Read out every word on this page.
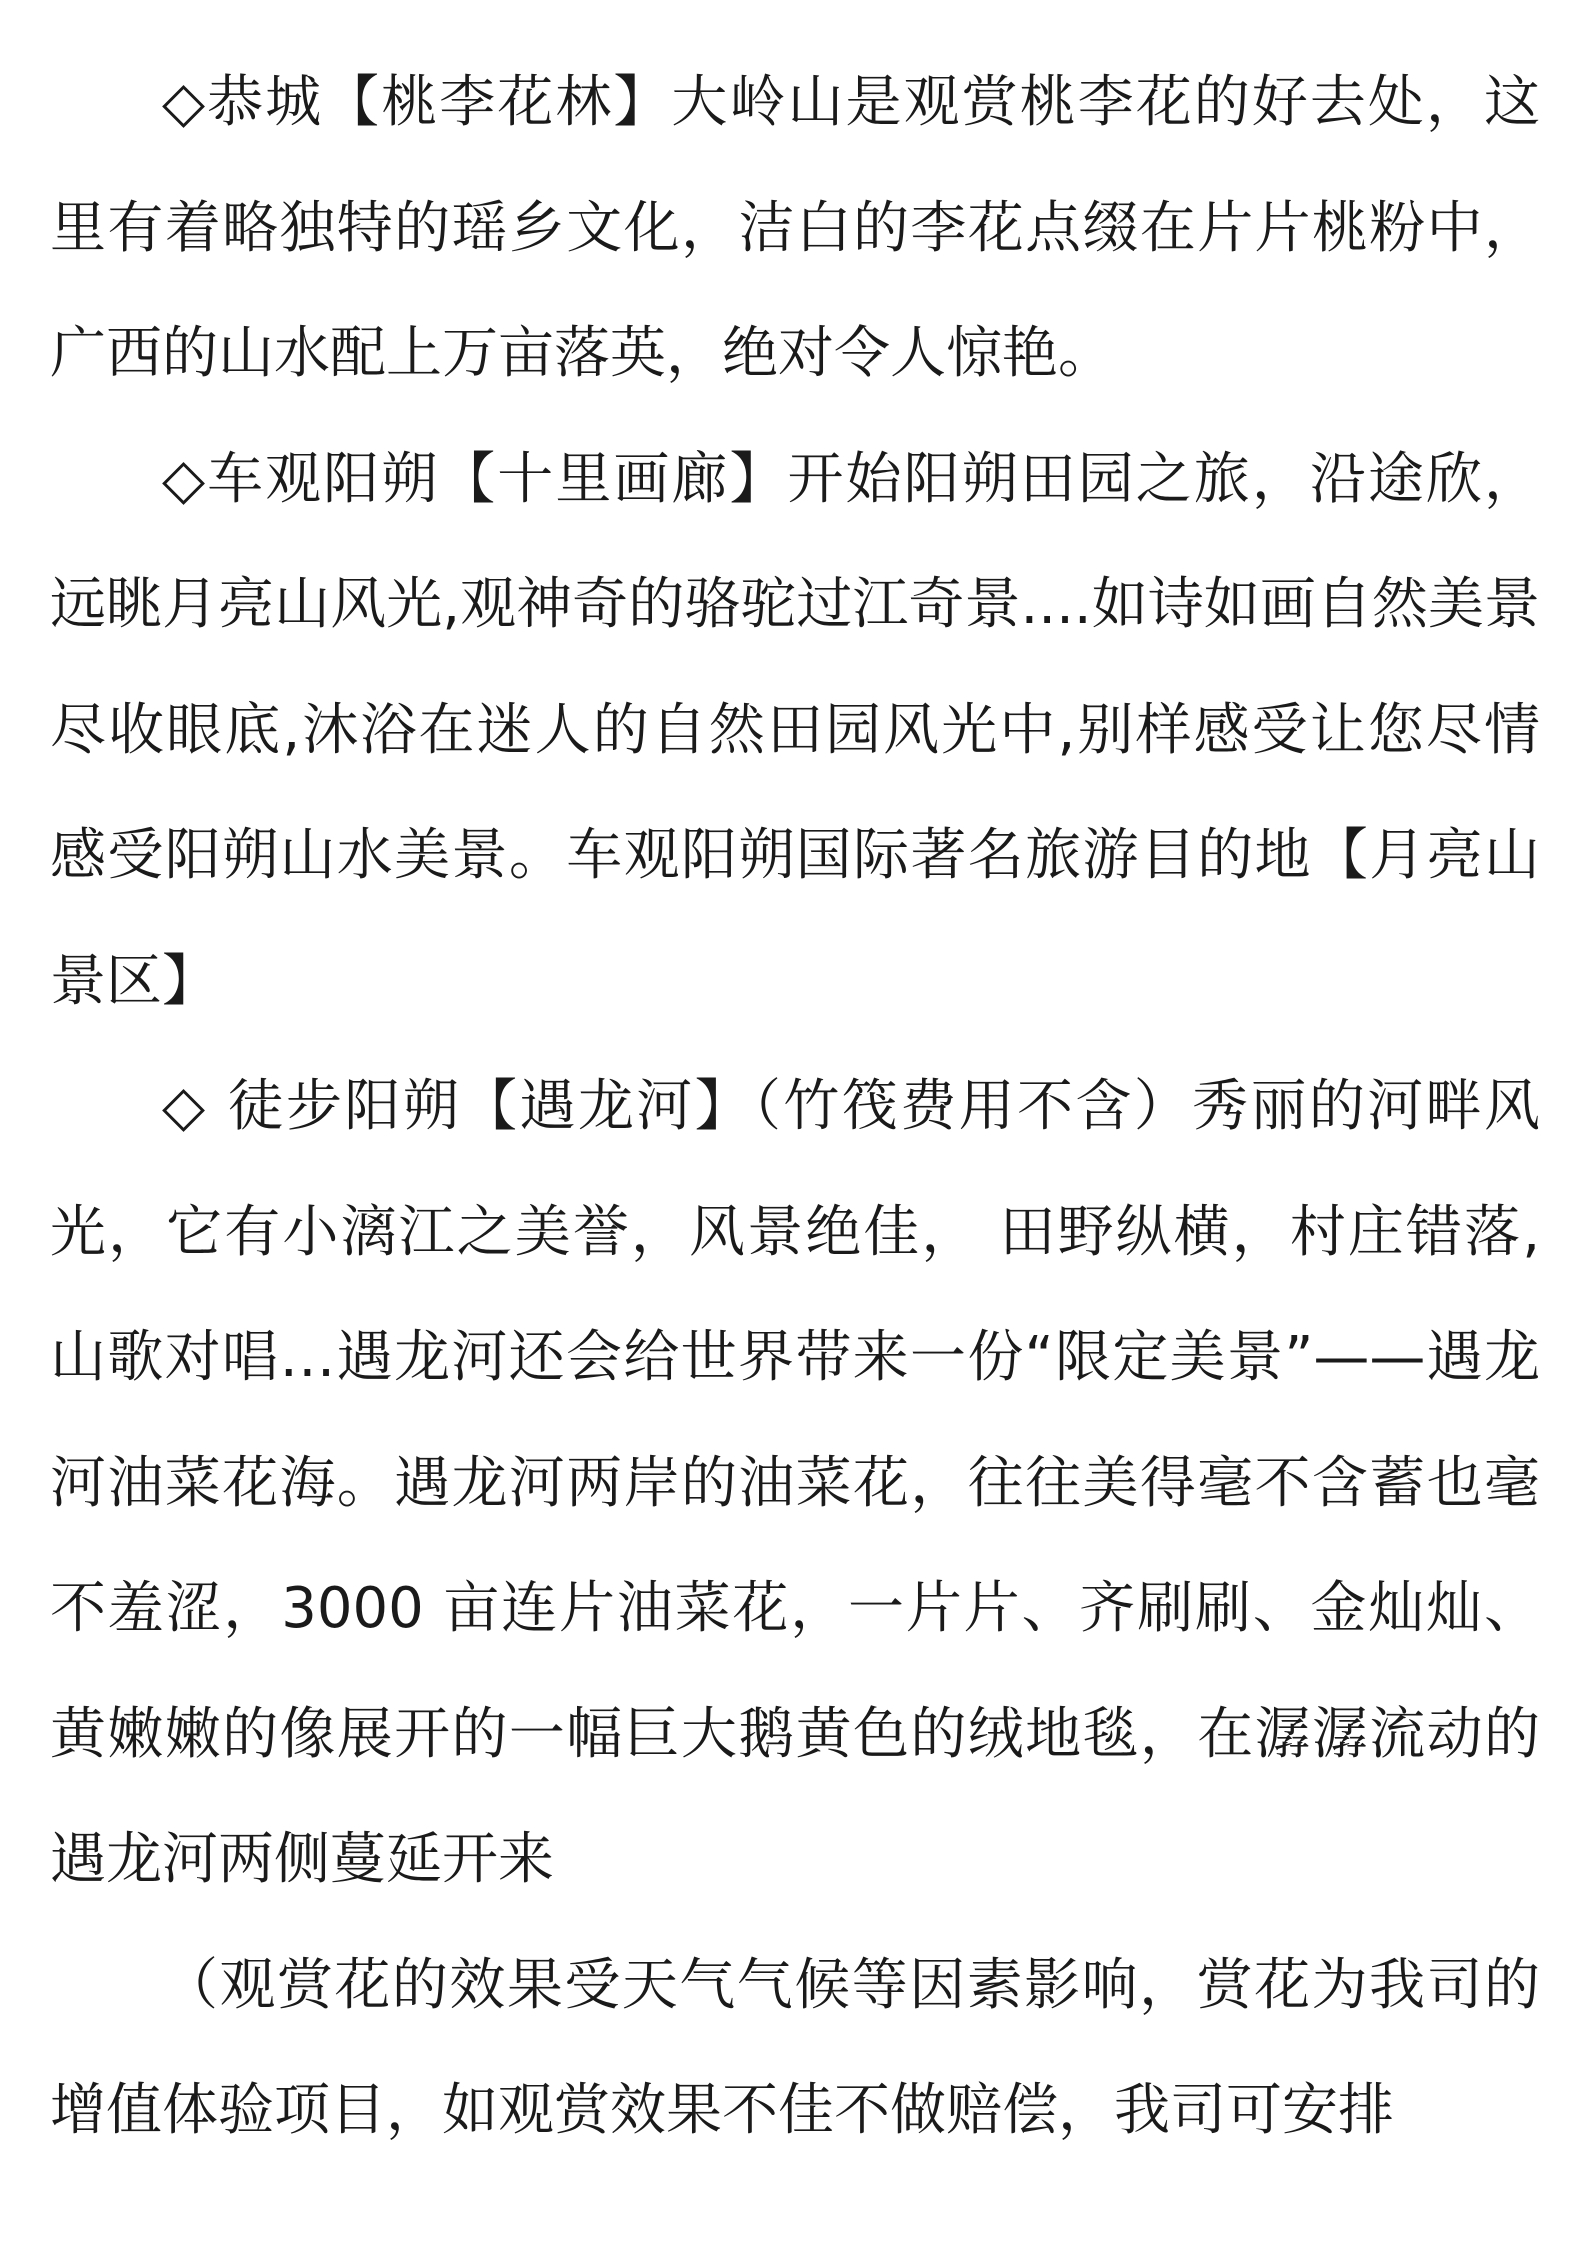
◇恭城【桃李花林】大岭山是观赏桃李花的好去处，这里有着略独特的瑶乡文化，洁白的李花点缀在片片桃粉中，广西的山水配上万亩落英，绝对令人惊艳。

◇车观阳朔【十里画廊】开始阳朔田园之旅，沿途欣，远眺月亮山风光,观神奇的骆驼过江奇景....如诗如画自然美景尽收眼底,沐浴在迷人的自然田园风光中,别样感受让您尽情感受阳朔山水美景。车观阳朔国际著名旅游目的地【月亮山景区】

◇ 徒步阳朔【遇龙河】（竹筏费用不含）秀丽的河畔风光，它有小漓江之美誉，风景绝佳， 田野纵横，村庄错落,山歌对唱…遇龙河还会给世界带来一份“限定美景”——遇龙河油菜花海。遇龙河两岸的油菜花，往往美得毫不含蓄也毫不羞涩，3000 亩连片油菜花，一片片、齐刷刷、金灿灿、黄嫩嫩的像展开的一幅巨大鹅黄色的绒地毯，在潺潺流动的遇龙河两侧蔓延开来

（观赏花的效果受天气气候等因素影响，赏花为我司的增值体验项目，如观赏效果不佳不做赔偿，我司可安排
